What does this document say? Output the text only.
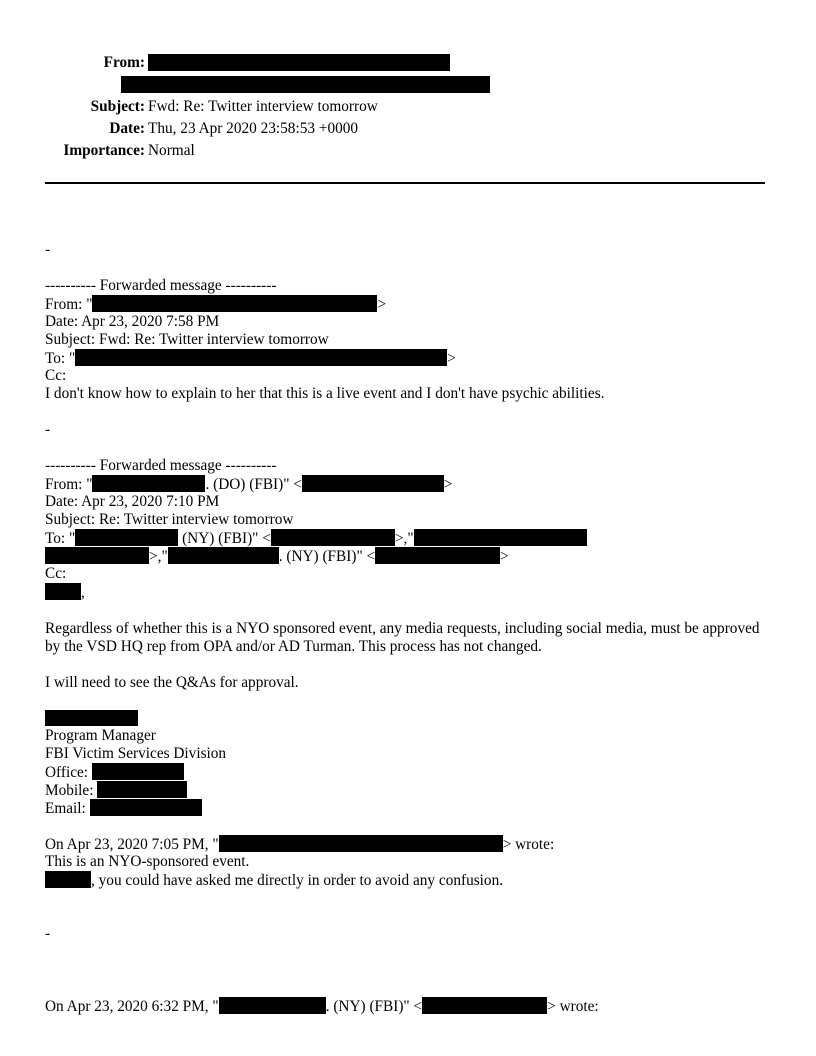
From:
Subject: Fwd: Re: Twitter interview tomorrow
Date: Thu, 23 Apr 2020 23:58:53 +0000
Importance: Normal
-
---------- Forwarded message ----------
From: "	>
Date: Apr 23, 2020 7:58 PM
Subject: Fwd: Re: Twitter interview tomorrow
To: "	>
Cc:
I don't know how to explain to her that this is a live event and I don't have psychic abilities.
-
---------- Forwarded message ----------
From: "	. (DO) (FBI)" <	>
Date: Apr 23, 2020 7:10 PM
Subject: Re: Twitter interview tomorrow
To: "	(NY) (FBI)" <	>,"
>,"	. (NY) (FBI)" <	>
Cc:
,
Regardless of whether this is a NYO sponsored event, any media requests, including social media, must be approved by the VSD HQ rep from OPA and/or AD Turman. This process has not changed.
I will need to see the Q&As for approval.
Program Manager
FBI Victim Services Division
Office:
Mobile:
Email:
On Apr 23, 2020 7:05 PM, "	> wrote:
This is an NYO-sponsored event.
, you could have asked me directly in order to avoid any confusion.
-
On Apr 23, 2020 6:32 PM, "	. (NY) (FBI)" <	> wrote:
